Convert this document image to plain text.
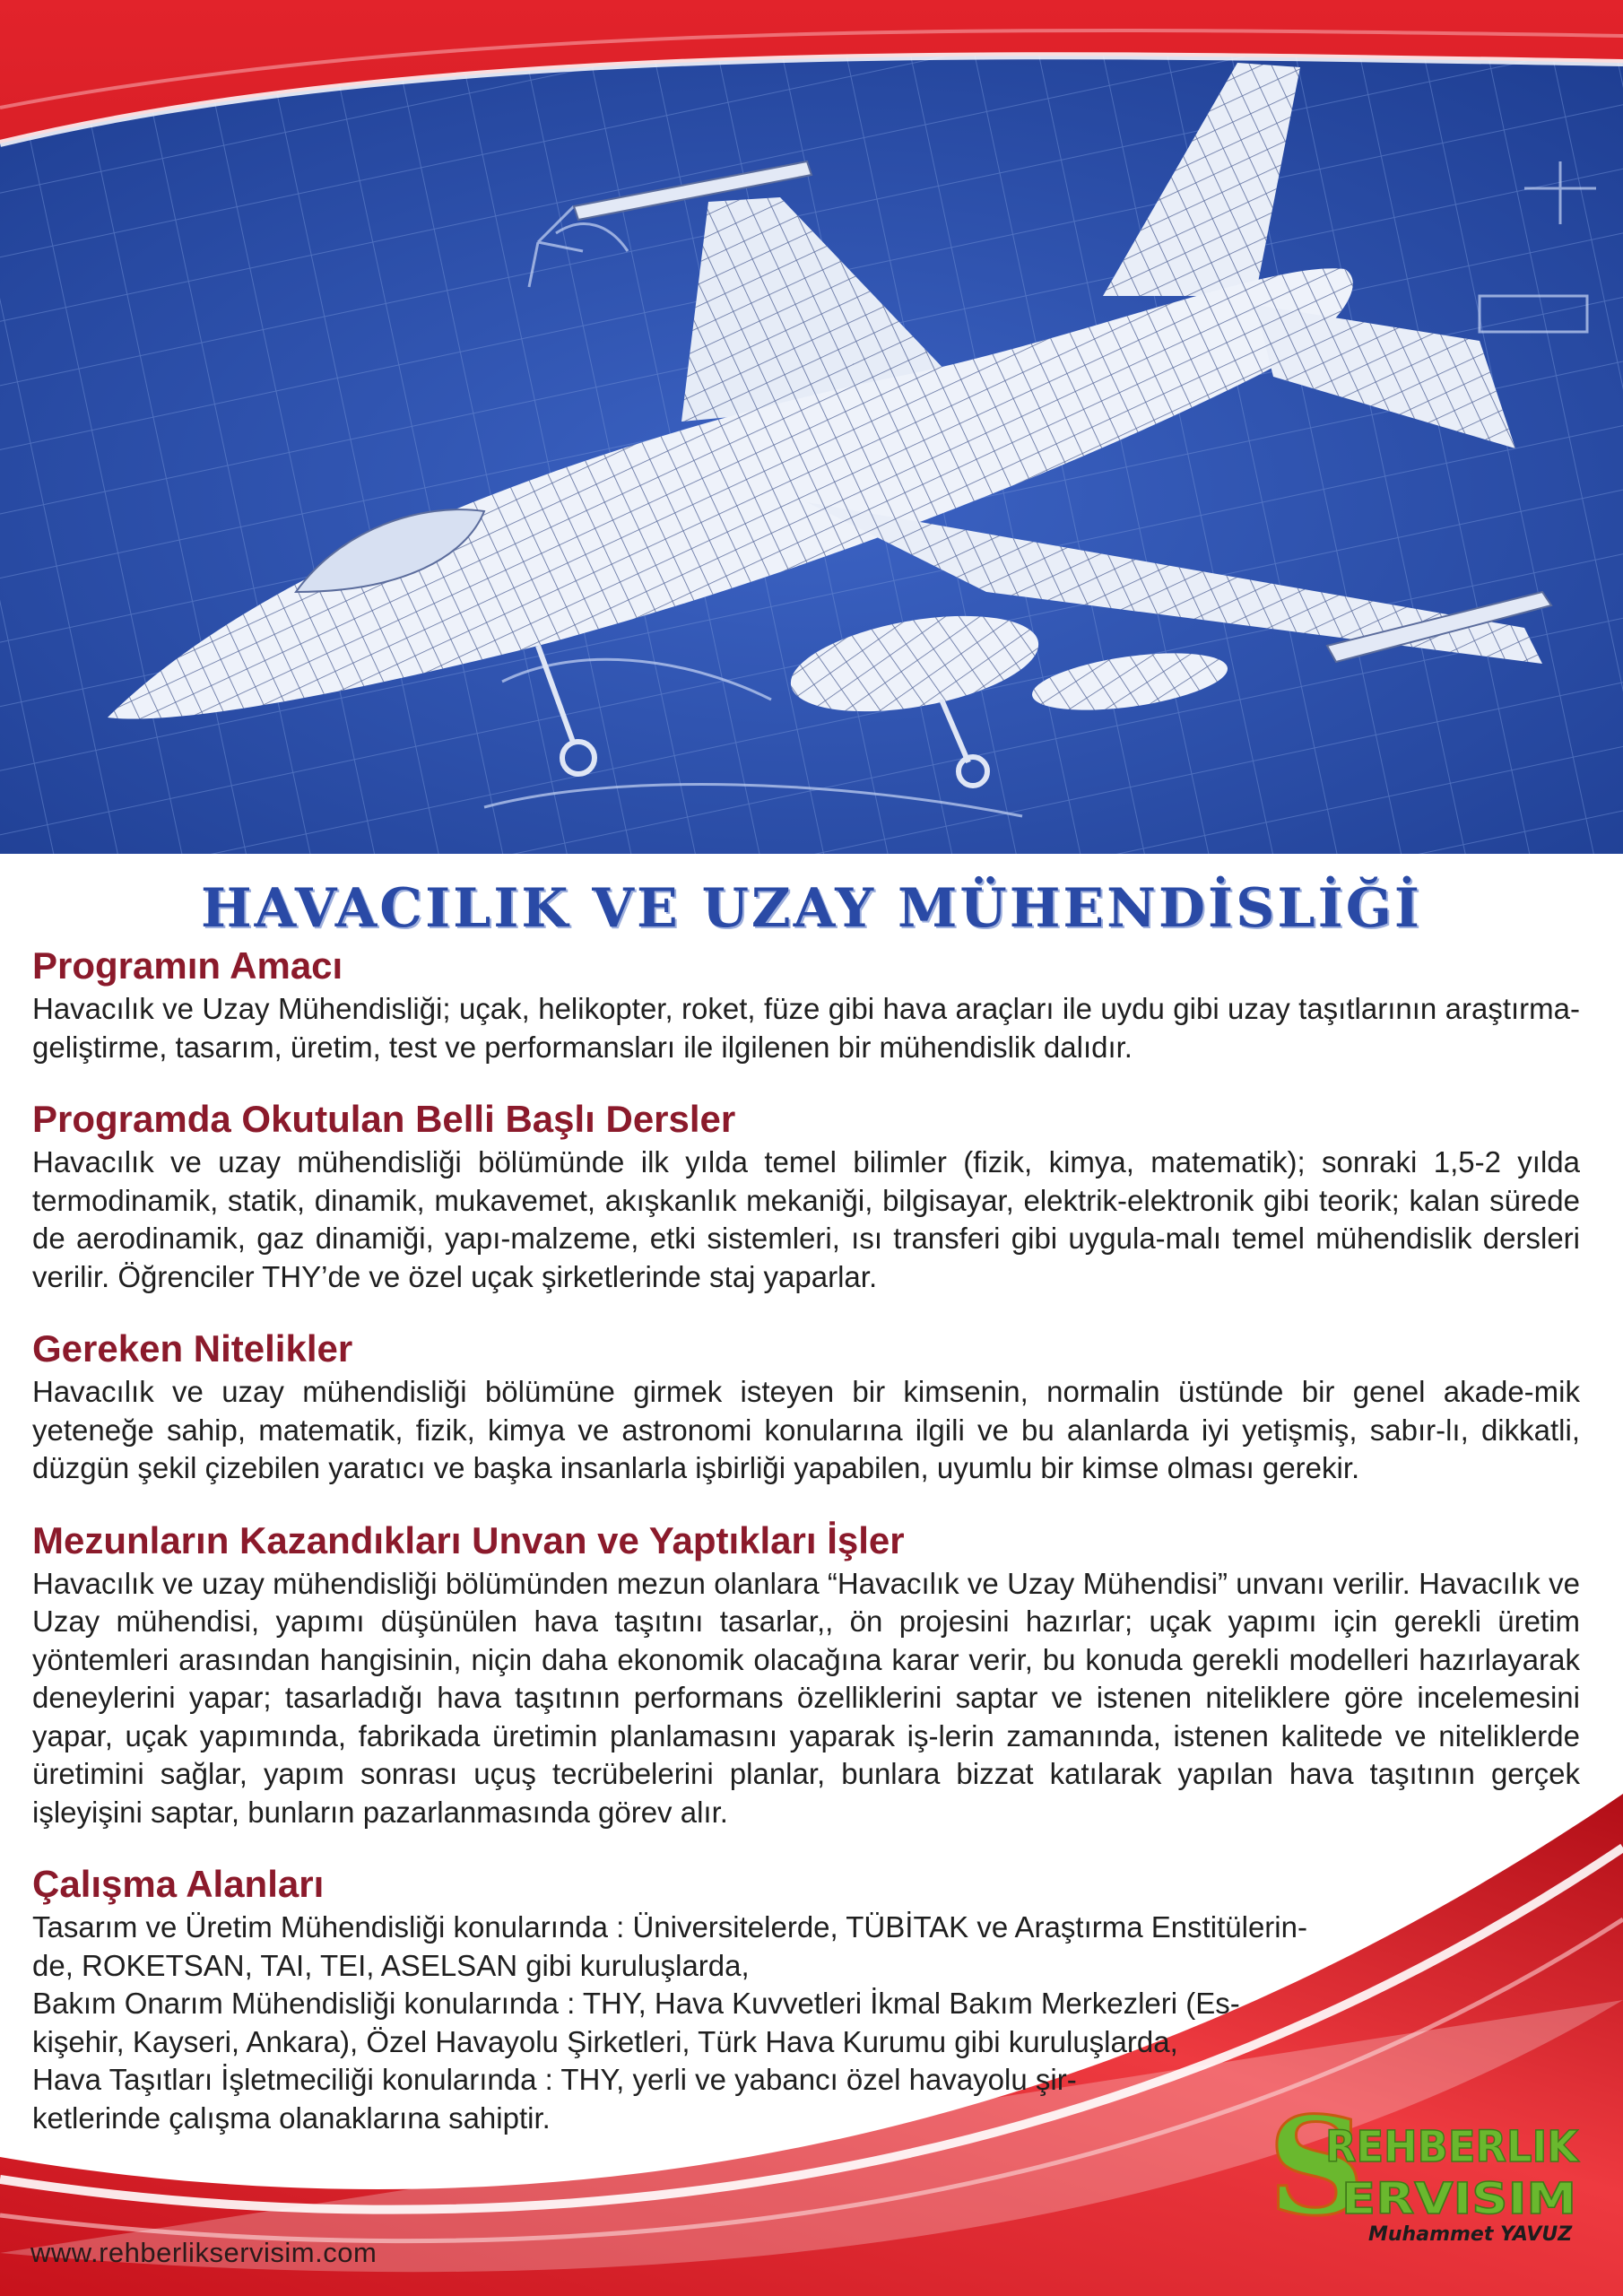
HAVACILIK VE UZAY MÜHENDİSLİĞİ
Programın Amacı

Havacılık ve Uzay Mühendisliği; uçak, helikopter, roket, füze gibi hava araçları ile uydu gibi uzay taşıtlarının araştırma-geliştirme, tasarım, üretim, test ve performansları ile ilgilenen bir mühendislik dalıdır.

Programda Okutulan Belli Başlı Dersler

Havacılık ve uzay mühendisliği bölümünde ilk yılda temel bilimler (fizik, kimya, matematik); sonraki 1,5-2 yılda termodinamik, statik, dinamik, mukavemet, akışkanlık mekaniği, bilgisayar, elektrik-elektronik gibi teorik; kalan sürede de aerodinamik, gaz dinamiği, yapı-malzeme, etki sistemleri, ısı transferi gibi uygula-malı temel mühendislik dersleri verilir. Öğrenciler THY’de ve özel uçak şirketlerinde staj yaparlar.

Gereken Nitelikler

Havacılık ve uzay mühendisliği bölümüne girmek isteyen bir kimsenin, normalin üstünde bir genel akade-mik yeteneğe sahip, matematik, fizik, kimya ve astronomi konularına ilgili ve bu alanlarda iyi yetişmiş, sabır-lı, dikkatli, düzgün şekil çizebilen yaratıcı ve başka insanlarla işbirliği yapabilen, uyumlu bir kimse olması gerekir.

Mezunların Kazandıkları Unvan ve Yaptıkları İşler

Havacılık ve uzay mühendisliği bölümünden mezun olanlara “Havacılık ve Uzay Mühendisi” unvanı verilir. Havacılık ve Uzay mühendisi, yapımı düşünülen hava taşıtını tasarlar,, ön projesini hazırlar; uçak yapımı için gerekli üretim yöntemleri arasından hangisinin, niçin daha ekonomik olacağına karar verir, bu konuda gerekli modelleri hazırlayarak deneylerini yapar; tasarladığı hava taşıtının performans özelliklerini saptar ve istenen niteliklere göre incelemesini yapar, uçak yapımında, fabrikada üretimin planlamasını yaparak iş-lerin zamanında, istenen kalitede ve niteliklerde üretimini sağlar, yapım sonrası uçuş tecrübelerini planlar, bunlara bizzat katılarak yapılan hava taşıtının gerçek işleyişini saptar, bunların pazarlanmasında görev alır.

Çalışma Alanları

Tasarım ve Üretim Mühendisliği konularında : Üniversitelerde, TÜBİTAK ve Araştırma Enstitülerin-
de, ROKETSAN, TAI, TEI, ASELSAN gibi kuruluşlarda,
Bakım Onarım Mühendisliği konularında : THY, Hava Kuvvetleri İkmal Bakım Merkezleri (Es-
kişehir, Kayseri, Ankara), Özel Havayolu Şirketleri, Türk Hava Kurumu gibi kuruluşlarda,
Hava Taşıtları İşletmeciliği konularında : THY, yerli ve yabancı özel havayolu şir-
ketlerinde çalışma olanaklarına sahiptir.	S
REHBERLIK
ERVISIM
Muhammet YAVUZ

www.rehberlikservisim.com
